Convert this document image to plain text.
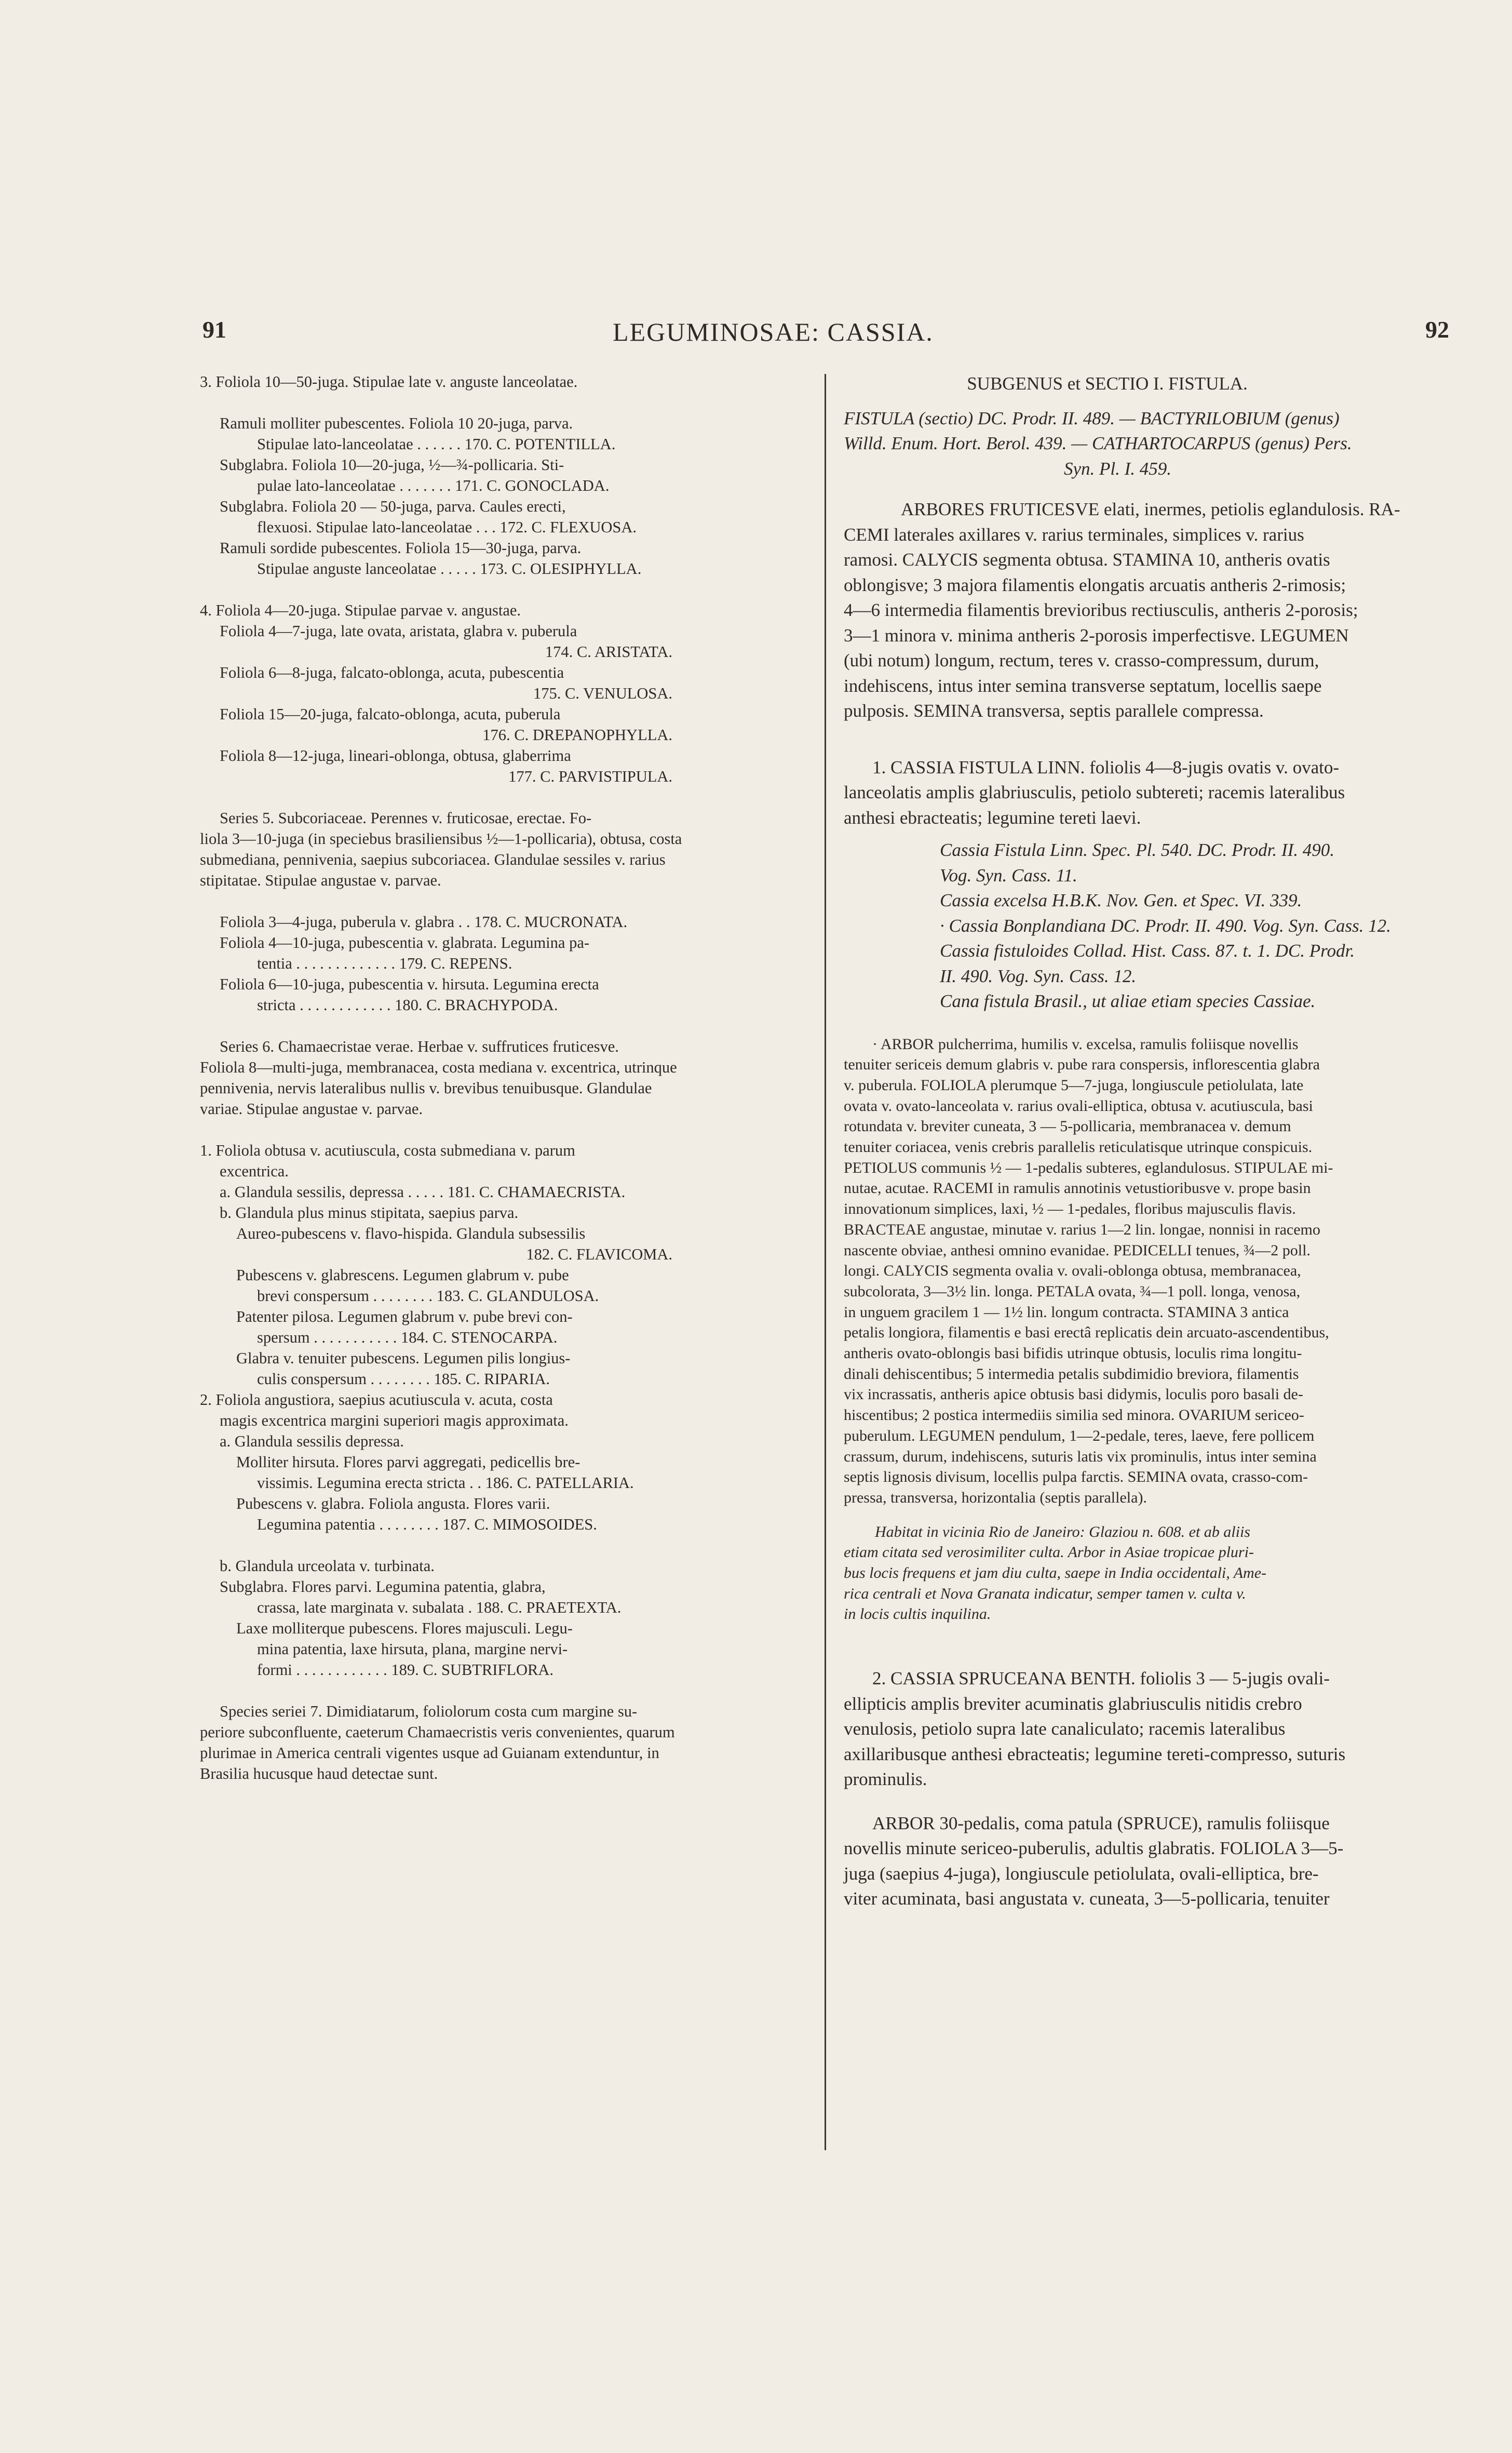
91	LEGUMINOSAE: CASSIA.	92
3. Foliola 10—50-juga. Stipulae late v. anguste lanceolatae.
Ramuli molliter pubescentes. Foliola 10 20-juga, parva.
Stipulae lato-lanceolatae . . . . . . 170. C. POTENTILLA.
Subglabra. Foliola 10—20-juga, ½—¾-pollicaria. Sti-
pulae lato-lanceolatae . . . . . . . 171. C. GONOCLADA.
Subglabra. Foliola 20 — 50-juga, parva. Caules erecti,
flexuosi. Stipulae lato-lanceolatae . . . 172. C. FLEXUOSA.
Ramuli sordide pubescentes. Foliola 15—30-juga, parva.
Stipulae anguste lanceolatae . . . . . 173. C. OLESIPHYLLA.
4. Foliola 4—20-juga. Stipulae parvae v. angustae.
Foliola 4—7-juga, late ovata, aristata, glabra v. puberula
174. C. ARISTATA.
Foliola 6—8-juga, falcato-oblonga, acuta, pubescentia
175. C. VENULOSA.
Foliola 15—20-juga, falcato-oblonga, acuta, puberula
176. C. DREPANOPHYLLA.
Foliola 8—12-juga, lineari-oblonga, obtusa, glaberrima
177. C. PARVISTIPULA.
Series 5. Subcoriaceae. Perennes v. fruticosae, erectae. Fo-
liola 3—10-juga (in speciebus brasiliensibus ½—1-pollicaria), obtusa, costa
submediana, pennivenia, saepius subcoriacea. Glandulae sessiles v. rarius
stipitatae. Stipulae angustae v. parvae.
Foliola 3—4-juga, puberula v. glabra . . 178. C. MUCRONATA.
Foliola 4—10-juga, pubescentia v. glabrata. Legumina pa-
tentia . . . . . . . . . . . . . 179. C. REPENS.
Foliola 6—10-juga, pubescentia v. hirsuta. Legumina erecta
stricta . . . . . . . . . . . . 180. C. BRACHYPODA.
Series 6. Chamaecristae verae. Herbae v. suffrutices fruticesve.
Foliola 8—multi-juga, membranacea, costa mediana v. excentrica, utrinque
pennivenia, nervis lateralibus nullis v. brevibus tenuibusque. Glandulae
variae. Stipulae angustae v. parvae.
1. Foliola obtusa v. acutiuscula, costa submediana v. parum
excentrica.
a. Glandula sessilis, depressa . . . . . 181. C. CHAMAECRISTA.
b. Glandula plus minus stipitata, saepius parva.
Aureo-pubescens v. flavo-hispida. Glandula subsessilis
182. C. FLAVICOMA.
Pubescens v. glabrescens. Legumen glabrum v. pube
brevi conspersum . . . . . . . . 183. C. GLANDULOSA.
Patenter pilosa. Legumen glabrum v. pube brevi con-
spersum . . . . . . . . . . . 184. C. STENOCARPA.
Glabra v. tenuiter pubescens. Legumen pilis longius-
culis conspersum . . . . . . . . 185. C. RIPARIA.
2. Foliola angustiora, saepius acutiuscula v. acuta, costa
magis excentrica margini superiori magis approximata.
a. Glandula sessilis depressa.
Molliter hirsuta. Flores parvi aggregati, pedicellis bre-
vissimis. Legumina erecta stricta . . 186. C. PATELLARIA.
Pubescens v. glabra. Foliola angusta. Flores varii.
Legumina patentia . . . . . . . . 187. C. MIMOSOIDES.
b. Glandula urceolata v. turbinata.
Subglabra. Flores parvi. Legumina patentia, glabra,
crassa, late marginata v. subalata . 188. C. PRAETEXTA.
Laxe molliterque pubescens. Flores majusculi. Legu-
mina patentia, laxe hirsuta, plana, margine nervi-
formi . . . . . . . . . . . . 189. C. SUBTRIFLORA.
Species seriei 7. Dimidiatarum, foliolorum costa cum margine su-
periore subconfluente, caeterum Chamaecristis veris convenientes, quarum
plurimae in America centrali vigentes usque ad Guianam extenduntur, in
Brasilia hucusque haud detectae sunt.
SUBGENUS et SECTIO I. FISTULA.
FISTULA (sectio) DC. Prodr. II. 489. — BACTYRILOBIUM (genus)
Willd. Enum. Hort. Berol. 439. — CATHARTOCARPUS (genus) Pers.
Syn. Pl. I. 459.
ARBORES FRUTICESVE elati, inermes, petiolis eglandulosis. RA-
CEMI laterales axillares v. rarius terminales, simplices v. rarius
ramosi. CALYCIS segmenta obtusa. STAMINA 10, antheris ovatis
oblongisve; 3 majora filamentis elongatis arcuatis antheris 2-rimosis;
4—6 intermedia filamentis brevioribus rectiusculis, antheris 2-porosis;
3—1 minora v. minima antheris 2-porosis imperfectisve. LEGUMEN
(ubi notum) longum, rectum, teres v. crasso-compressum, durum,
indehiscens, intus inter semina transverse septatum, locellis saepe
pulposis. SEMINA transversa, septis parallele compressa.
1. CASSIA FISTULA LINN. foliolis 4—8-jugis ovatis v. ovato-
lanceolatis amplis glabriusculis, petiolo subtereti; racemis lateralibus
anthesi ebracteatis; legumine tereti laevi.
Cassia Fistula Linn. Spec. Pl. 540. DC. Prodr. II. 490.
Vog. Syn. Cass. 11.
Cassia excelsa H.B.K. Nov. Gen. et Spec. VI. 339.
· Cassia Bonplandiana DC. Prodr. II. 490. Vog. Syn. Cass. 12.
Cassia fistuloides Collad. Hist. Cass. 87. t. 1. DC. Prodr.
II. 490. Vog. Syn. Cass. 12.
Cana fistula Brasil., ut aliae etiam species Cassiae.
· ARBOR pulcherrima, humilis v. excelsa, ramulis foliisque novellis
tenuiter sericeis demum glabris v. pube rara conspersis, inflorescentia glabra
v. puberula. FOLIOLA plerumque 5—7-juga, longiuscule petiolulata, late
ovata v. ovato-lanceolata v. rarius ovali-elliptica, obtusa v. acutiuscula, basi
rotundata v. breviter cuneata, 3 — 5-pollicaria, membranacea v. demum
tenuiter coriacea, venis crebris parallelis reticulatisque utrinque conspicuis.
PETIOLUS communis ½ — 1-pedalis subteres, eglandulosus. STIPULAE mi-
nutae, acutae. RACEMI in ramulis annotinis vetustioribusve v. prope basin
innovationum simplices, laxi, ½ — 1-pedales, floribus majusculis flavis.
BRACTEAE angustae, minutae v. rarius 1—2 lin. longae, nonnisi in racemo
nascente obviae, anthesi omnino evanidae. PEDICELLI tenues, ¾—2 poll.
longi. CALYCIS segmenta ovalia v. ovali-oblonga obtusa, membranacea,
subcolorata, 3—3½ lin. longa. PETALA ovata, ¾—1 poll. longa, venosa,
in unguem gracilem 1 — 1½ lin. longum contracta. STAMINA 3 antica
petalis longiora, filamentis e basi erectâ replicatis dein arcuato-ascendentibus,
antheris ovato-oblongis basi bifidis utrinque obtusis, loculis rima longitu-
dinali dehiscentibus; 5 intermedia petalis subdimidio breviora, filamentis
vix incrassatis, antheris apice obtusis basi didymis, loculis poro basali de-
hiscentibus; 2 postica intermediis similia sed minora. OVARIUM sericeo-
puberulum. LEGUMEN pendulum, 1—2-pedale, teres, laeve, fere pollicem
crassum, durum, indehiscens, suturis latis vix prominulis, intus inter semina
septis lignosis divisum, locellis pulpa farctis. SEMINA ovata, crasso-com-
pressa, transversa, horizontalia (septis parallela).
Habitat in vicinia Rio de Janeiro: Glaziou n. 608. et ab aliis
etiam citata sed verosimiliter culta. Arbor in Asiae tropicae pluri-
bus locis frequens et jam diu culta, saepe in India occidentali, Ame-
rica centrali et Nova Granata indicatur, semper tamen v. culta v.
in locis cultis inquilina.
2. CASSIA SPRUCEANA BENTH. foliolis 3 — 5-jugis ovali-
ellipticis amplis breviter acuminatis glabriusculis nitidis crebro
venulosis, petiolo supra late canaliculato; racemis lateralibus
axillaribusque anthesi ebracteatis; legumine tereti-compresso, suturis
prominulis.
ARBOR 30-pedalis, coma patula (SPRUCE), ramulis foliisque
novellis minute sericeo-puberulis, adultis glabratis. FOLIOLA 3—5-
juga (saepius 4-juga), longiuscule petiolulata, ovali-elliptica, bre-
viter acuminata, basi angustata v. cuneata, 3—5-pollicaria, tenuiter
